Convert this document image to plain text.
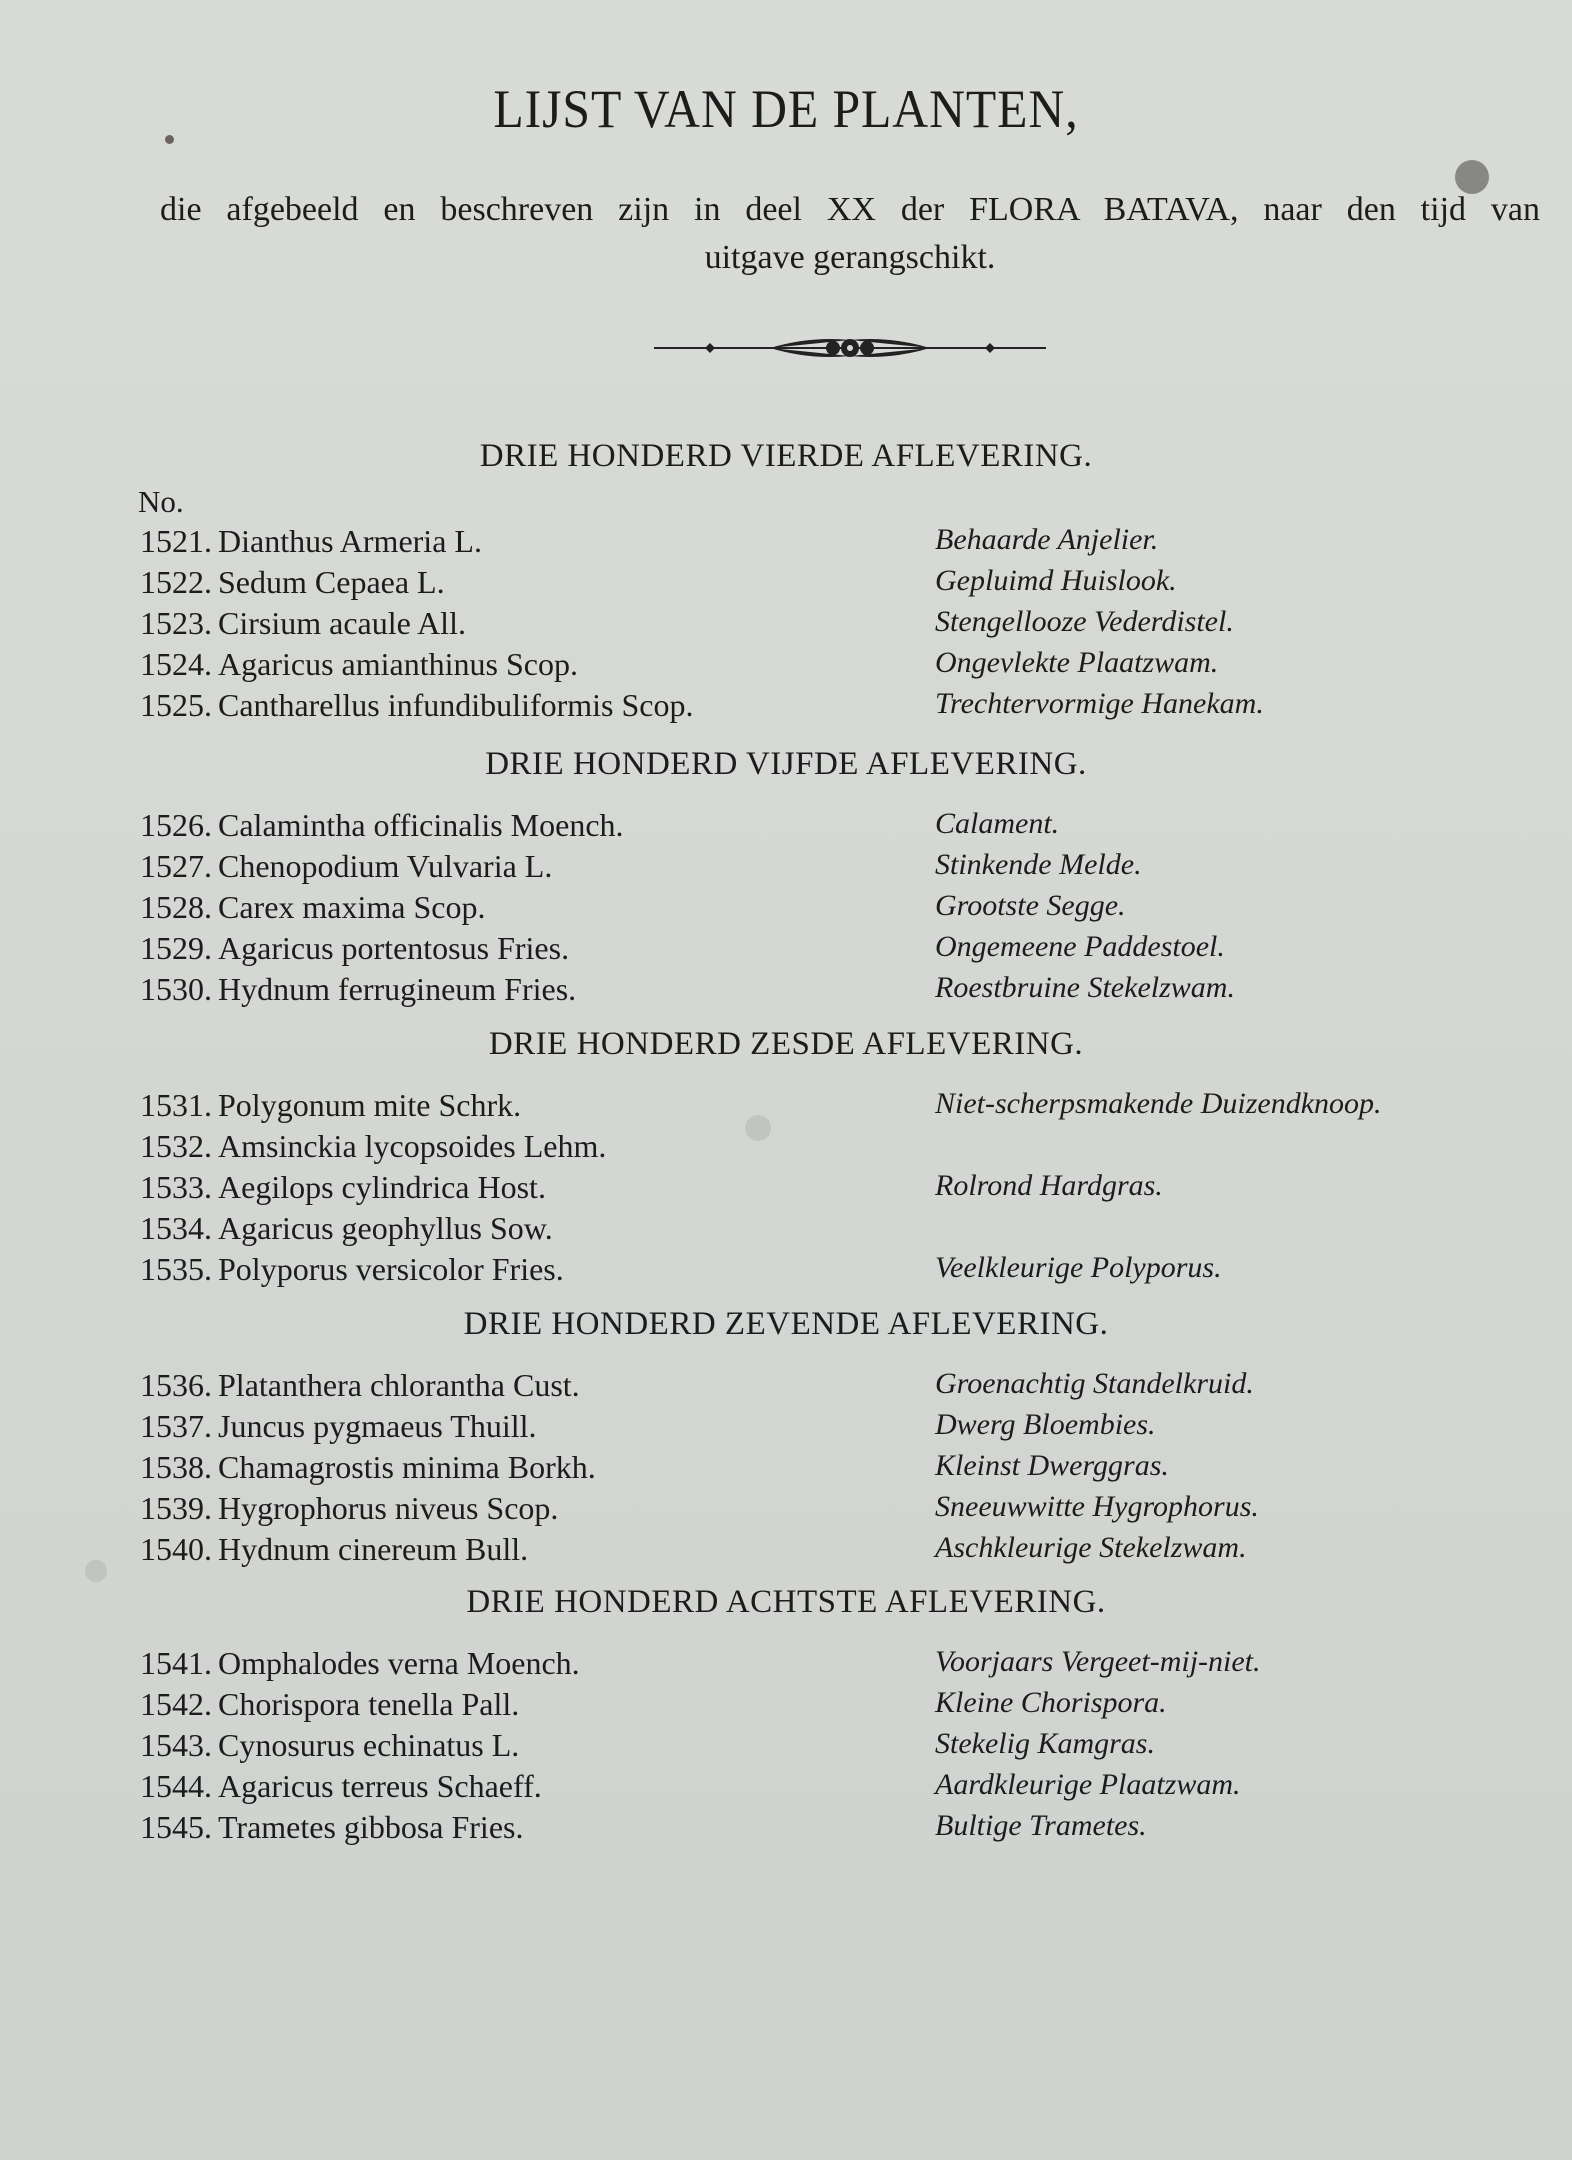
LIJST VAN DE PLANTEN,
die afgebeeld en beschreven zijn in deel XX der FLORA BATAVA, naar den tijd van
uitgave gerangschikt.
No.
DRIE HONDERD VIERDE AFLEVERING.
1521. Dianthus Armeria L.	Behaarde Anjelier.
1522. Sedum Cepaea L.	Gepluimd Huislook.
1523. Cirsium acaule All.	Stengellooze Vederdistel.
1524. Agaricus amianthinus Scop.	Ongevlekte Plaatzwam.
1525. Cantharellus infundibuliformis Scop.	Trechtervormige Hanekam.
DRIE HONDERD VIJFDE AFLEVERING.
1526. Calamintha officinalis Moench.	Calament.
1527. Chenopodium Vulvaria L.	Stinkende Melde.
1528. Carex maxima Scop.	Grootste Segge.
1529. Agaricus portentosus Fries.	Ongemeene Paddestoel.
1530. Hydnum ferrugineum Fries.	Roestbruine Stekelzwam.
DRIE HONDERD ZESDE AFLEVERING.
1531. Polygonum mite Schrk.	Niet-scherpsmakende Duizendknoop.
1532. Amsinckia lycopsoides Lehm.
1533. Aegilops cylindrica Host.	Rolrond Hardgras.
1534. Agaricus geophyllus Sow.
1535. Polyporus versicolor Fries.	Veelkleurige Polyporus.
DRIE HONDERD ZEVENDE AFLEVERING.
1536. Platanthera chlorantha Cust.	Groenachtig Standelkruid.
1537. Juncus pygmaeus Thuill.	Dwerg Bloembies.
1538. Chamagrostis minima Borkh.	Kleinst Dwerggras.
1539. Hygrophorus niveus Scop.	Sneeuwwitte Hygrophorus.
1540. Hydnum cinereum Bull.	Aschkleurige Stekelzwam.
DRIE HONDERD ACHTSTE AFLEVERING.
1541. Omphalodes verna Moench.	Voorjaars Vergeet-mij-niet.
1542. Chorispora tenella Pall.	Kleine Chorispora.
1543. Cynosurus echinatus L.	Stekelig Kamgras.
1544. Agaricus terreus Schaeff.	Aardkleurige Plaatzwam.
1545. Trametes gibbosa Fries.	Bultige Trametes.
